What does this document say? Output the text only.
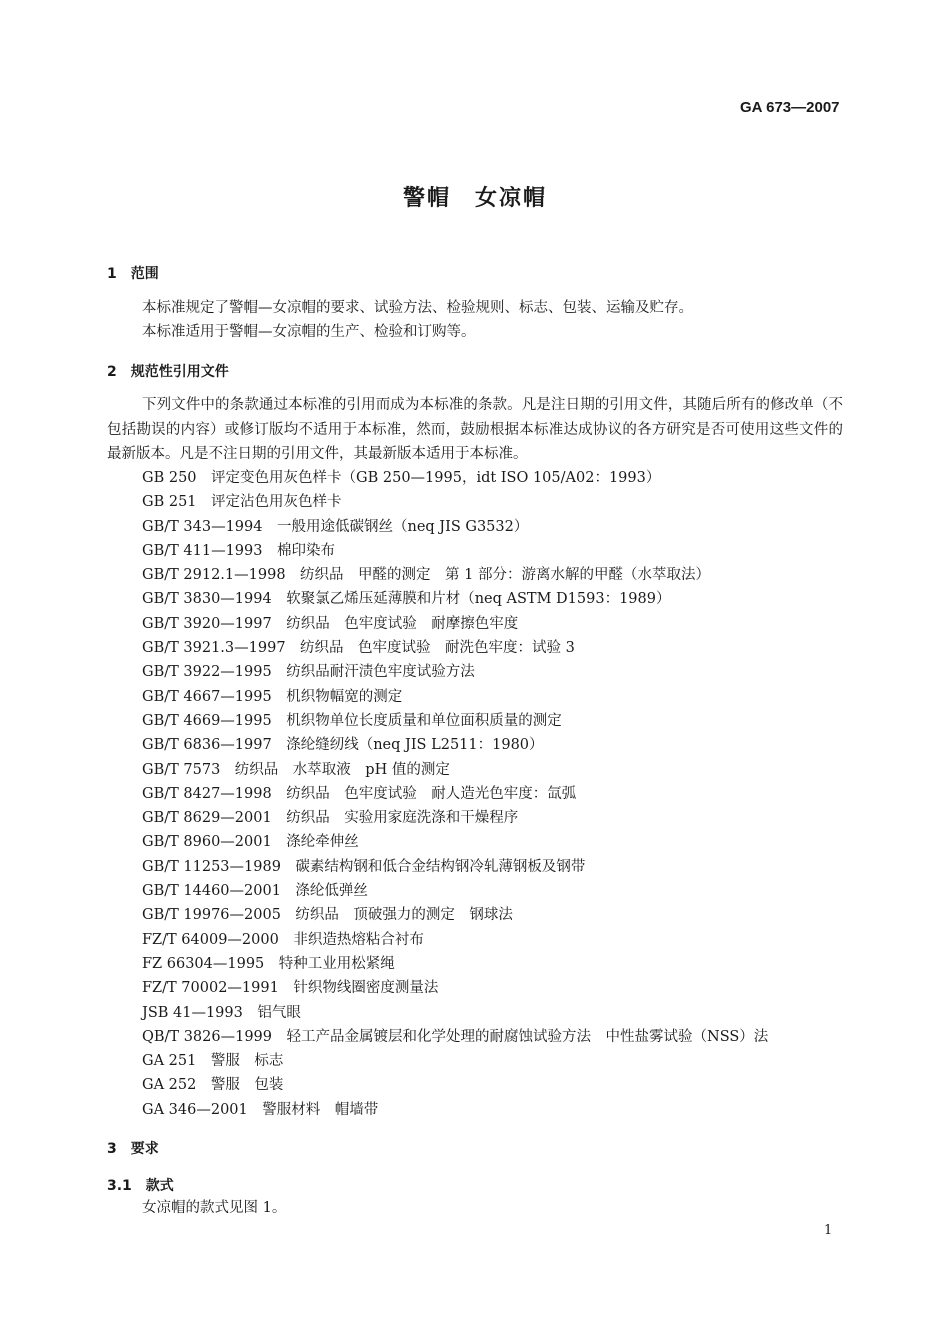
GA 673—2007
警帽　女凉帽
1　范围
本标准规定了警帽—女凉帽的要求、试验方法、检验规则、标志、包装、运输及贮存。
本标准适用于警帽—女凉帽的生产、检验和订购等。
2　规范性引用文件
下列文件中的条款通过本标准的引用而成为本标准的条款。凡是注日期的引用文件，其随后所有的修改单（不包括勘误的内容）或修订版均不适用于本标准，然而，鼓励根据本标准达成协议的各方研究是否可使用这些文件的最新版本。凡是不注日期的引用文件，其最新版本适用于本标准。
GB 250　评定变色用灰色样卡（GB 250—1995，idt ISO 105/A02：1993）
GB 251　评定沾色用灰色样卡
GB/T 343—1994　一般用途低碳钢丝（neq JIS G3532）
GB/T 411—1993　棉印染布
GB/T 2912.1—1998　纺织品　甲醛的测定　第 1 部分：游离水解的甲醛（水萃取法）
GB/T 3830—1994　软聚氯乙烯压延薄膜和片材（neq ASTM D1593：1989）
GB/T 3920—1997　纺织品　色牢度试验　耐摩擦色牢度
GB/T 3921.3—1997　纺织品　色牢度试验　耐洗色牢度：试验 3
GB/T 3922—1995　纺织品耐汗渍色牢度试验方法
GB/T 4667—1995　机织物幅宽的测定
GB/T 4669—1995　机织物单位长度质量和单位面积质量的测定
GB/T 6836—1997　涤纶缝纫线（neq JIS L2511：1980）
GB/T 7573　纺织品　水萃取液　pH 值的测定
GB/T 8427—1998　纺织品　色牢度试验　耐人造光色牢度：氙弧
GB/T 8629—2001　纺织品　实验用家庭洗涤和干燥程序
GB/T 8960—2001　涤纶牵伸丝
GB/T 11253—1989　碳素结构钢和低合金结构钢冷轧薄钢板及钢带
GB/T 14460—2001　涤纶低弹丝
GB/T 19976—2005　纺织品　顶破强力的测定　钢球法
FZ/T 64009—2000　非织造热熔粘合衬布
FZ 66304—1995　特种工业用松紧绳
FZ/T 70002—1991　针织物线圈密度测量法
JSB 41—1993　铝气眼
QB/T 3826—1999　轻工产品金属镀层和化学处理的耐腐蚀试验方法　中性盐雾试验（NSS）法
GA 251　警服　标志
GA 252　警服　包装
GA 346—2001　警服材料　帽墙带
3　要求
3.1　款式
女凉帽的款式见图 1。
1
